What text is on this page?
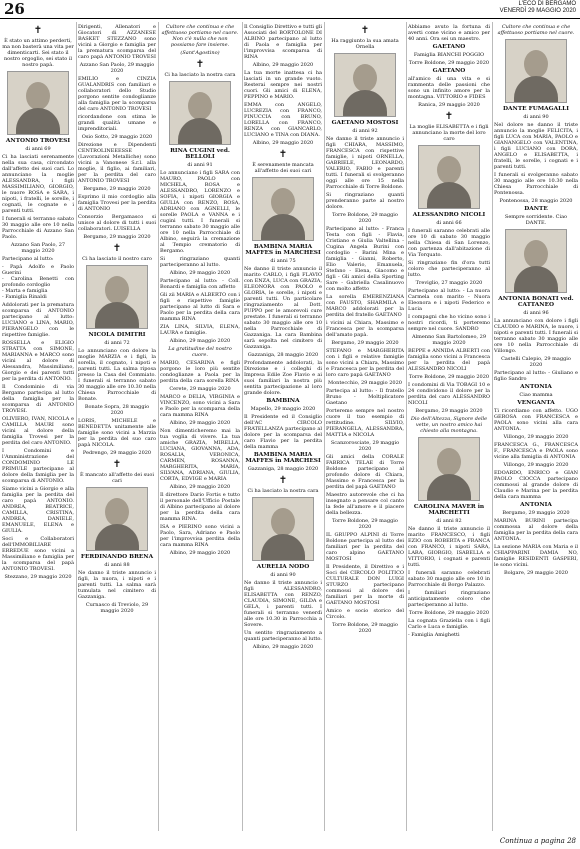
26	L'ECO DI BERGAMO
VENERDÌ 29 MAGGIO 2020
✝
È stato un attimo perderti, ma non basterà una vita per dimenticarti. Sei stato il nostro orgoglio, sei stato il nostro papà.
ANTONIO TROVESI
di anni 69
Ci ha lasciati serenamente nella sua casa, circondato dall'affetto dei suoi cari. Lo annunciano la moglie ALESSANDRA, i figli MASSIMILIANO, GIORGIO, le nuore ROSA e SARA, i nipoti, i fratelli, le sorelle, i cognati, le cognate e i parenti tutti.
I funerali si terranno sabato 30 maggio alle ore 10 nella Parrocchiale di Azzano San Paolo.
Azzano San Paolo, 27 maggio 2020
Partecipano al lutto:
- Papà Adolfo e Paolo Guerini
- Carolina Benetti con profondo cordoglio
- Marta e famiglia
- Famiglia Rinaldi
Addolorati per la prematura scomparsa di ANTONIO partecipano al lutto: LUCIANO e LINA, MARIO, PIERANGELO con le rispettive famiglie.
ROSSELLA e ELIGIO STRATTA con SIMONE, MARIANNA e MARCO sono vicini al dolore di Alessandra, Massimiliano, Giorgio e dei parenti tutti per la perdita di ANTONIO.
Il Condominio di via Bergamo partecipa al lutto della famiglia per la scomparsa di ANTONIO TROVESI.
OLIVIERO, IVAN, NICOLA e CAMILLA MAURI sono vicini al dolore della famiglia Trovesi per la perdita del caro ANTONIO.
I Condomini e l'Amministrazione del CONDOMINIO LE PRIMULE partecipano al dolore della famiglia per la scomparsa di ANTONIO.
Siamo vicini a Giorgio e alla famiglia per la perdita del caro papà ANTONIO. ANDREA, BEATRICE, CAMILLA, CRISTINA, ANDREA, DANIELE, EMANUELE, ELENA e GIULIA.
Soci e Collaboratori dell'IMMOBILIARE ERREDUE sono vicini a Massimiliano e famiglia per la scomparsa del papà ANTONIO TROVESI.
Stezzano, 29 maggio 2020
Dirigenti, Allenatori e Giocatori di AZZANESE BASKET STEZZANO sono vicini a Giorgio e famiglia per la prematura scomparsa del caro papà ANTONIO TROVESI
Azzano San Paolo, 29 maggio 2020
EMILIO e CINZIA GUALANDRIS con familiari e collaboratori dello Studio porgono sentite condoglianze alla famiglia per la scomparsa del caro ANTONIO TROVESI
ricordandone con stima le grandi qualità umane e imprenditoriali.
Osio Sotto, 29 maggio 2020
Direzione e Dipendenti CENTROLINEEESSE (Lavorazioni Metalliche) sono vicini a Vanonese S.r.l. alla moglie, il figlio, ai familiari, per la perdita del caro ANTONIO TROVESI
Bergamo, 29 maggio 2020
Esprimo il mio cordoglio alla famiglia Trovesi per la perdita di ANTONIO
Consorzio Bergamasco si unisce al dolore di tutti i suoi collaboratori. LUISELLA
Bergamo, 29 maggio 2020
✝
Ci ha lasciato il nostro caro
NICOLA DIMITRI
di anni 72
Lo annunciano con dolore la moglie MARZIA e i figli, la sorella, il cognato, i nipoti e parenti tutti. La salma riposa presso la Casa del Commiato. I funerali si terranno sabato 30 maggio alle ore 10.30 nella Chiesa Parrocchiale di Bonate.
Bonate Sopra, 28 maggio 2020
LORIS, MICHELE e BENEDETTA unitamente alle famiglie sono vicini a Marzia per la perdita del suo caro papà NICOLA.
Pedrengo, 29 maggio 2020
✝
È mancato all'affetto dei suoi cari
FERDINANDO BRENA
di anni 88
Ne danno il triste annuncio i figli, la nuora, i nipoti e i parenti tutti. La salma sarà tumulata nel cimitero di Gazzaniga.
Curnasco di Treviolo, 29 maggio 2020
Cultore che continua e che affettuoso portiamo nel cuore. Non c'è nulla che non possiamo fare insieme.
(Sant'Agostino)
✝
Ci ha lasciato la nostra cara
RINA CUGINI ved. BELLOLI
di anni 91
Lo annunciano i figli SARA con MAURO, PAOLO con MICHELA, ROSA e ALESSANDRO, LORENZO e SOFIA, i nipoti GIORGIA e GIULIA con RENZO, ROSA, ADRIANO con AGNELLI, le sorelle PAOLA e VANNA e i cugini tutti. I funerali si terranno sabato 30 maggio alle ore 10 nella Parrocchiale di Albino, seguirà la cremazione al Tempio crematorio di Bergamo.
Si ringraziano quanti parteciperanno al lutto.
Albino, 29 maggio 2020
Partecipano al lutto: - Coll. Bonardi e famiglia con affetto
Gli zii MARIA e ALBERTO con i figli e rispettive famiglie partecipano al lutto di Sara e Paolo per la perdita della cara mamma RINA
ZIA LINA, SILVIA, ELENA, LAURA e famiglie.
Albino, 29 maggio 2020
La gratitudine del nostro cuore.
MARIO, CESARINA e figli porgono le loro più sentite condoglianze a Paola per la perdita della cara sorella RINA
Cerete, 29 maggio 2020
MARCO e DELIA, VIRGINIA e VINCENZO, sono vicini a Sara e Paolo per la scomparsa della cara mamma RINA
Albino, 29 maggio 2020
Non dimenticheremo mai la tua voglia di vivere. La tua amiche GRAZIA, MIRELLA, LUCIANA, GIOVANNA, ADA, ROSALIA, VERONICA, CARMEN, ROSANNA, MARGHERITA, MARIA, SILVANA, ADRIANA, GIULIA, CORTA, EDVIGE e MARIA
Albino, 29 maggio 2020
Il direttore Dario Fortis e tutto il personale dell'Ufficio Postale di Albino partecipano al dolore per la perdita della cara mamma RINA.
ISA e PIERINO sono vicini a Paolo, Sara, Adriano e Paolo per l'improvvisa perdita della cara mamma RINA
Albino, 29 maggio 2020
Il Consiglio Direttivo e tutti gli Associati del BORTOLONE DI ALBINO partecipano al lutto di Paola e famiglia per l'improvvisa scomparsa di RINA
Albino, 29 maggio 2020
La tua morte inattesa ci ha lasciati in un grande vuoto. Resterai sempre nei nostri cuori. Gli amici di ELENA, PEPPINO e MARIO.
EMMA con ANGELO, LUCREZIA con FRANCO, PINUCCIA con BRUNO, LORELLA con FRANCO, RENZA con GIANCARLO, LUCIANO e TINA con DIANA.
Albino, 29 maggio 2020
✝
È serenamente mancata all'affetto dei suoi cari
BAMBINA MARIA MAFFES in MARCHESI
di anni 75
Ne danno il triste annuncio il marito CARLO, i figli FLAVIO con ENZA, LUCA con GRAZIA, ELEONORA con PAOLO e GLORIA, le sorelle, i nipoti e parenti tutti. Un particolare ringraziamento al Dott. PUPPO per le amorevoli cure prestate. I funerali si terranno sabato 30 maggio alle ore 10 nella Parrocchiale di Gazzaniga. La cara Bambina sarà sepolta nel cimitero di Gazzaniga.
Gazzaniga, 28 maggio 2020
Profondamente addolorati, la Direzione e i colleghi di Impresa Edile Zoe Flavio e ai suoi familiari la nostra più sentita partecipazione al loro grande dolore.
BAMBINA
Mapello, 29 maggio 2020
Il Presidente ed il Consiglio dell'AC CIRCOLO FRATELLANZA partecipano al dolore per la scomparsa del caro Flavio per la perdita della mamma
BAMBINA MARIA MAFFES in MARCHESI
Gazzaniga, 28 maggio 2020
✝
Ci ha lasciato la nostra cara
AURELIA NODO
di anni 90
Ne danno il triste annuncio i figli ALESSANDRO, ELISABETTA con RENZO, CLAUDIA, SIMONE, GILDA e GELA, i parenti tutti. I funerali si terranno venerdì alle ore 10.30 in Parrocchia a Sovere.
Un sentito ringraziamento a quanti parteciperanno al lutto.
Albino, 29 maggio 2020
✝
Ha raggiunto la sua amata Ornella
GAETANO MOSTOSI
di anni 92
Ne danno il triste annuncio i figli CHIARA, MASSIMO, FRANCESCA con rispettive famiglie, i nipoti ORNELLA, GABRIELE, LEONARDO, VALERIO, FABIO e parenti tutti. I funerali si svolgeranno oggi alle ore 15 nella Parrocchiale di Torre Boldone.
Si ringraziano quanti prenderanno parte al nostro dolore.
Torre Boldone, 29 maggio 2020
Partecipano al lutto: - Franca Testa con figli - Flavia, Cristiano e Giulia Valtellina - Cugina Angela Burini con cordoglio - Barini Mina e famiglia - Gianni, Roberto, Elio Valerio, Emanuela, Stefano - Elena, Giacomo e figli - Gli amici della Sporting Sare - Gabriella Casalinuovo con molto affetto
La sorella EMERENZIANA con FAUSTO, SHARMILA e MARCO addolorati per la perdita del fratello GAETANO
i vicini ai Chiara, Massimo e Francesca per la scomparsa dell'amato papà.
Bergamo, 29 maggio 2020
STEFANO e MARGHERITA con i figli e relative famiglie sono vicini a Chiara, Massimo e Francesca per la perdita del loro caro papà GAETANO
Montecchio, 29 maggio 2020
Partecipa al lutto: - Il fratello Bruno - Moltiplicatore Gaetano
Porteremo sempre nel nostro cuore il tuo esempio di rettitudine. SILVIO, PIERANGELA, ALESSANDRA, MATTIA e NICOLA
Scanzorosciate, 29 maggio 2020
Gli amici della CORALE FABRICA TELAE di Torre Boldone partecipano al profondo dolore di Chiara, Massimo e Francesca per la perdita del papà GAETANO
Maestro autorevole che ci ha insegnato a pensare col canto la fede all'amore e il piacere della bellezza.
Torre Boldone, 29 maggio 2020
IL GRUPPO ALPINI di Torre Boldone partecipa al lutto dei familiari per la perdita del caro alpino GAETANO MOSTOSI
Il Presidente, il Direttivo e i Soci del CIRCOLO POLITICO CULTURALE DON LUIGI STURZO partecipano commossi al dolore dei familiari per la morte di GAETANO MOSTOSI
Amico e socio storico del Circolo.
Torre Boldone, 29 maggio 2020
Abbiamo avuto la fortuna di averti come vicino e amico per 40 anni. Ora sei un maestro.
GAETANO
Famiglia BIANCHI POGGIO
Torre Boldone, 29 maggio 2020
GAETANO
all'amico di una vita e si rammenta delle passioni che sono un infinito amore per la montagna. VITTORIO e FIDES
Ranica, 29 maggio 2020
✝
La moglie ELISABETTA e i figli annunciano la morte del loro caro
ALESSANDRO NICOLI
di anni 66
I funerali saranno celebrati alle ore 10 di sabato 30 maggio nella Chiesa di San Lorenzo, con partenza dall'abitazione di Via Torquato.
Si ringraziano fin d'ora tutti coloro che parteciperanno al lutto.
Treviglio, 27 maggio 2020
Partecipano al lutto: - La nuora Carmela con marito - Nuora Eleonora e i nipoti Federico e Lucia
I compagni che ho vicino sono i nostri ricordi, ti porteremo sempre nel cuore. SANDRO
Almenno San Bartolomeo, 29 maggio 2020
BEPPE e ANNIDA ALBERTI con famiglia sono vicini a Francesca per la perdita del papà ALESSANDRO NICOLI
Torre Boldone, 29 maggio 2020
I condomini di Via TOBAGI 10 e 24 condividono il dolore per la perdita del caro ALESSANDRO NICOLI
Bergamo, 29 maggio 2020
Dio dell'Altezza, Signore delle vette, un nostro amico hai chiesto alla montagna.
CAROLINA MAVER in MARCHETTI
di anni 82
Ne danno il triste annuncio il marito FRANCESCO, i figli EZIO con ROBERTA e FRANCA con FRANCO, i nipoti SARA, LARA, GIORGIO, ISABELLA e VITTORIO, i cognati e parenti tutti.
I funerali saranno celebrati sabato 30 maggio alle ore 10 in Parrocchiale di Borgo Palazzo.
I familiari ringraziano anticipatamente coloro che parteciperanno al lutto.
Torre Boldone, 29 maggio 2020
La cognata Graziella con i figli Carlo e Luca e famiglie.
- Famiglia Amighetti
Cultore che continua e che affettuoso portiamo nel cuore.
DANTE FUMAGALLI
di anni 90
Nel dolore ne danno il triste annuncio la moglie FELICITA, i figli LUCA con MARIA, PAOLO e GIANANGELO con VALENTINA, i figli LUCIANO con DORA, ANGELO e ELISABETTA, i fratelli, le sorelle, i cognati e i parenti tutti.
I funerali si svolgeranno sabato 30 maggio alle ore 10.30 nella Chiesa Parrocchiale di Pontenossa.
Pontenossa, 28 maggio 2020
DANTE
Sempre sorridente. Ciao DANTE.
ANTONIA BONATI ved. CATTANEO
di anni 96
La annunciano con dolore i figli CLAUDIO e MARINA, le nuore, i nipoti e parenti tutti. I funerali si terranno sabato 30 maggio alle ore 10 nella Parrocchiale di Villongo.
Castelli Calepio, 29 maggio 2020
Partecipano al lutto: - Giuliano e figlio Sandro
ANTONIA
Ciao mamma
VENGANTA
Ti ricordiamo con affetto. UGO GEROSA con FRANCESCA e PAOLA sono vicini alla cara ANTONIA.
Villongo, 29 maggio 2020
FRANCESCA G., FRANCESCA F., FRANCESCA e PAOLA sono vicine alla famiglia di ANTONIA
Villongo, 29 maggio 2020
EDOARDO, ENRICO e GIAN PAOLO CIOCCA partecipano commossi al grande dolore di Claudio e Marina per la perdita della cara mamma
ANTONIA
Bergamo, 29 maggio 2020
MARINA BURINI partecipa commossa al dolore della famiglia per la perdita della cara ANTONIA.
La sezione MARIA con Maria e il CHIAPPARINI DAMIA NO, famiglie RESIDENTI GASPERI, le sono vicini.
Bolgare, 29 maggio 2020
Continua a pagina 28
